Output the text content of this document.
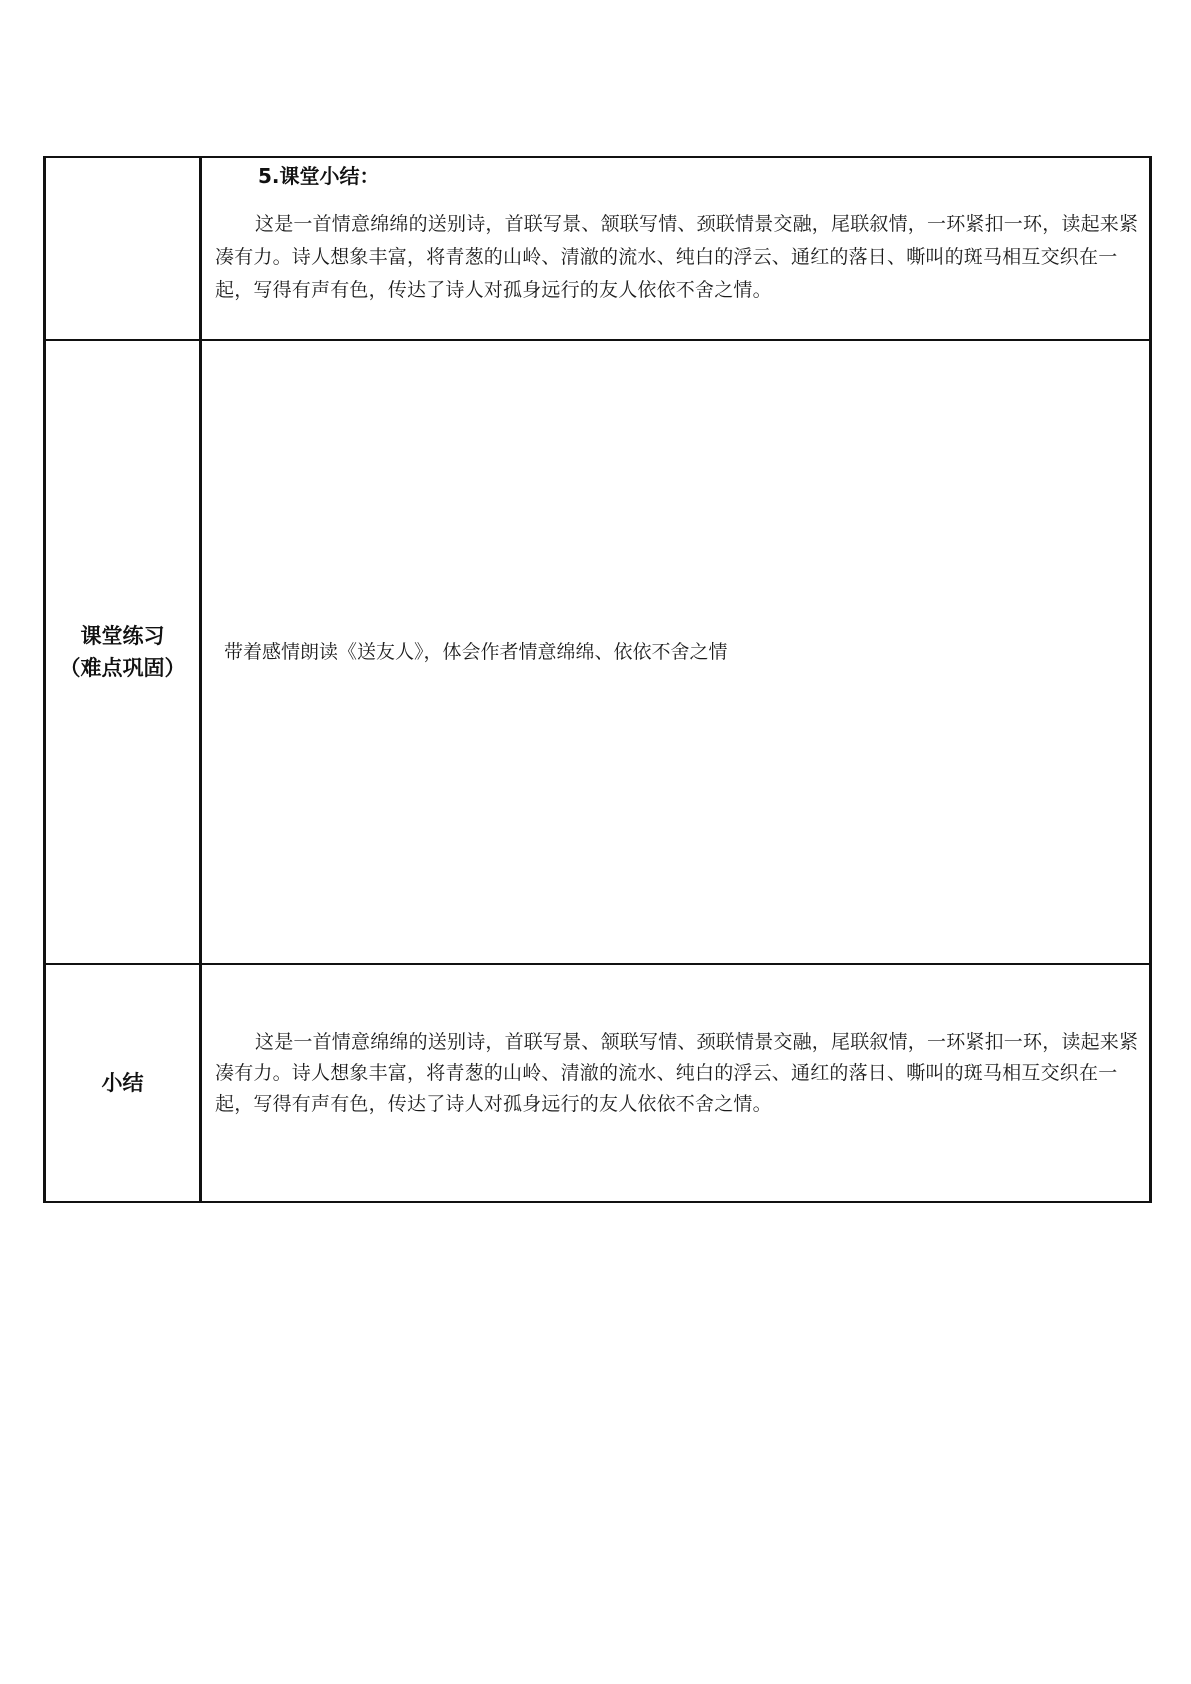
	5.课堂小结：

这是一首情意绵绵的送别诗，首联写景、颔联写情、颈联情景交融，尾联叙情，一环紧扣一环，读起来紧凑有力。诗人想象丰富，将青葱的山岭、清澈的流水、纯白的浮云、通红的落日、嘶叫的斑马相互交织在一起，写得有声有色，传达了诗人对孤身远行的友人依依不舍之情。

课堂练习
（难点巩固）	带着感情朗读《送友人》，体会作者情意绵绵、依依不舍之情

小结	这是一首情意绵绵的送别诗，首联写景、颔联写情、颈联情景交融，尾联叙情，一环紧扣一环，读起来紧凑有力。诗人想象丰富，将青葱的山岭、清澈的流水、纯白的浮云、通红的落日、嘶叫的斑马相互交织在一起，写得有声有色，传达了诗人对孤身远行的友人依依不舍之情。
